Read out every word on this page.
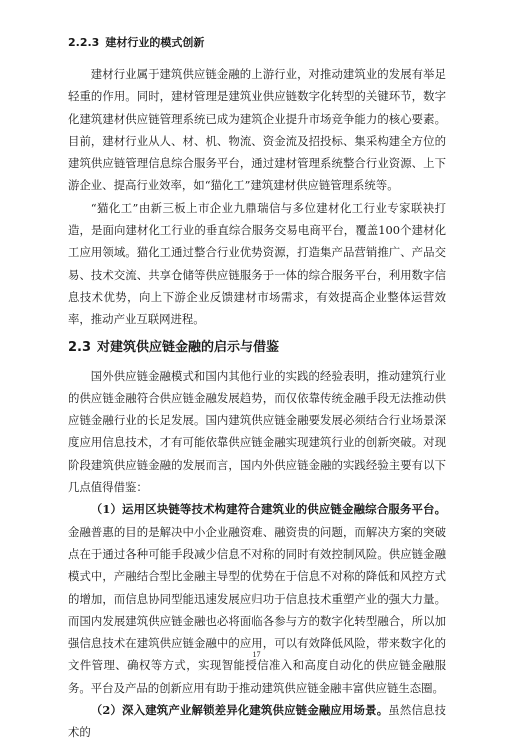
2.2.3 建材行业的模式创新

建材行业属于建筑供应链金融的上游行业，对推动建筑业的发展有举足轻重的作用。同时，建材管理是建筑业供应链数字化转型的关键环节，数字化建筑建材供应链管理系统已成为建筑企业提升市场竞争能力的核心要素。目前，建材行业从人、材、机、物流、资金流及招投标、集采构建全方位的建筑供应链管理信息综合服务平台，通过建材管理系统整合行业资源、上下游企业、提高行业效率，如“猫化工”建筑建材供应链管理系统等。

“猫化工”由新三板上市企业九鼎瑞信与多位建材化工行业专家联袂打造，是面向建材化工行业的垂直综合服务交易电商平台，覆盖100个建材化工应用领域。猫化工通过整合行业优势资源，打造集产品营销推广、产品交易、技术交流、共享仓储等供应链服务于一体的综合服务平台，利用数字信息技术优势，向上下游企业反馈建材市场需求，有效提高企业整体运营效率，推动产业互联网进程。

2.3 对建筑供应链金融的启示与借鉴

国外供应链金融模式和国内其他行业的实践的经验表明，推动建筑行业的供应链金融符合供应链金融发展趋势，而仅依靠传统金融手段无法推动供应链金融行业的长足发展。国内建筑供应链金融要发展必须结合行业场景深度应用信息技术，才有可能依靠供应链金融实现建筑行业的创新突破。对现阶段建筑供应链金融的发展而言，国内外供应链金融的实践经验主要有以下几点值得借鉴：

（1）运用区块链等技术构建符合建筑业的供应链金融综合服务平台。金融普惠的目的是解决中小企业融资难、融资贵的问题，而解决方案的突破点在于通过各种可能手段减少信息不对称的同时有效控制风险。供应链金融模式中，产融结合型比金融主导型的优势在于信息不对称的降低和风控方式的增加，而信息协同型能迅速发展应归功于信息技术重塑产业的强大力量。而国内发展建筑供应链金融也必将面临各参与方的数字化转型融合，所以加强信息技术在建筑供应链金融中的应用，可以有效降低风险，带来数字化的文件管理、确权等方式，实现智能授信准入和高度自动化的供应链金融服务。平台及产品的创新应用有助于推动建筑供应链金融丰富供应链生态圈。

（2）深入建筑产业解锁差异化建筑供应链金融应用场景。虽然信息技术的

17
